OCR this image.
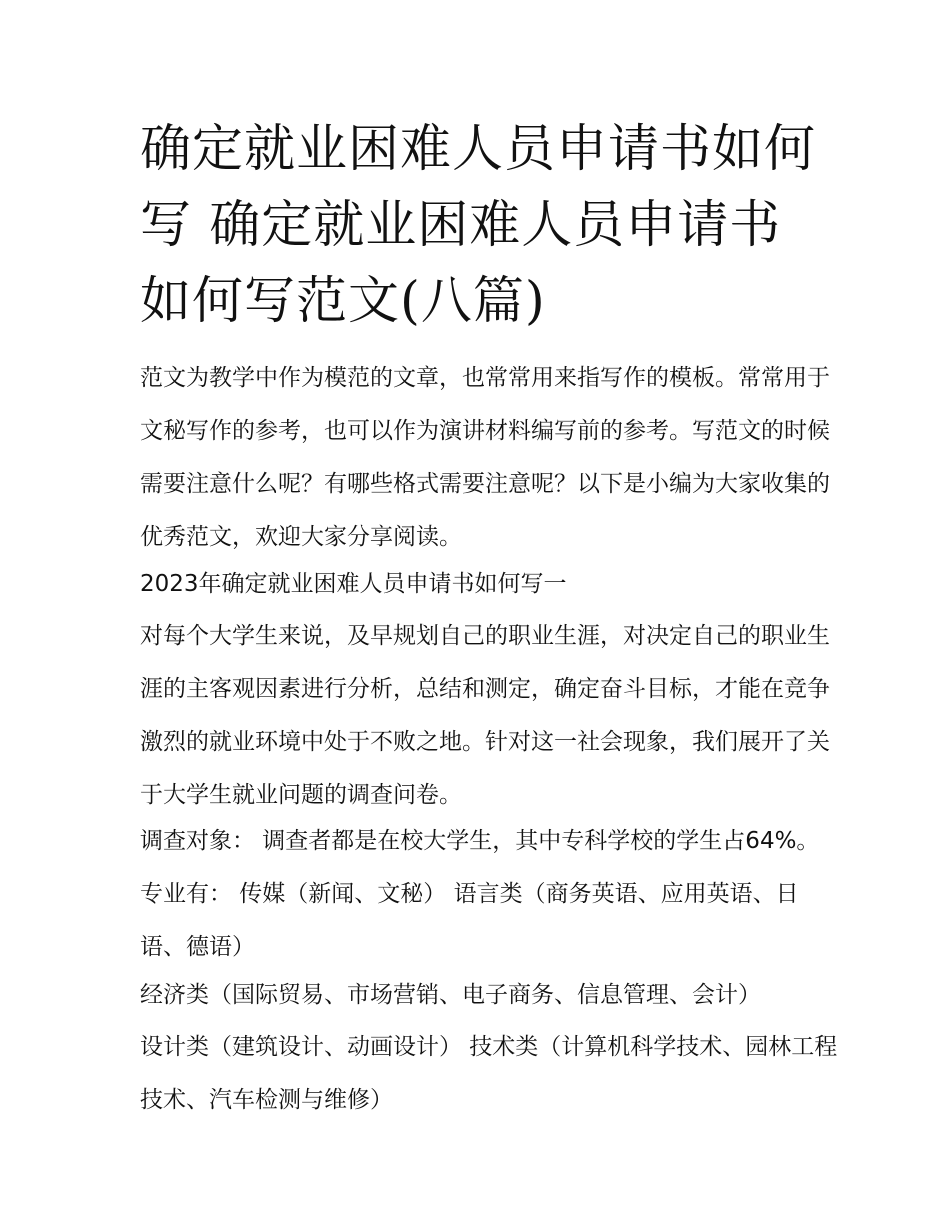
确定就业困难人员申请书如何写 确定就业困难人员申请书如何写范文(八篇)

范文为教学中作为模范的文章，也常常用来指写作的模板。常常用于文秘写作的参考，也可以作为演讲材料编写前的参考。写范文的时候需要注意什么呢？有哪些格式需要注意呢？以下是小编为大家收集的优秀范文，欢迎大家分享阅读。

2023年确定就业困难人员申请书如何写一

对每个大学生来说，及早规划自己的职业生涯，对决定自己的职业生涯的主客观因素进行分析，总结和测定，确定奋斗目标，才能在竞争激烈的就业环境中处于不败之地。针对这一社会现象，我们展开了关于大学生就业问题的调查问卷。

调查对象： 调查者都是在校大学生，其中专科学校的学生占64%。 专业有： 传媒（新闻、文秘） 语言类（商务英语、应用英语、日语、德语）

经济类（国际贸易、市场营销、电子商务、信息管理、会计）

设计类（建筑设计、动画设计） 技术类（计算机科学技术、园林工程技术、汽车检测与维修）
